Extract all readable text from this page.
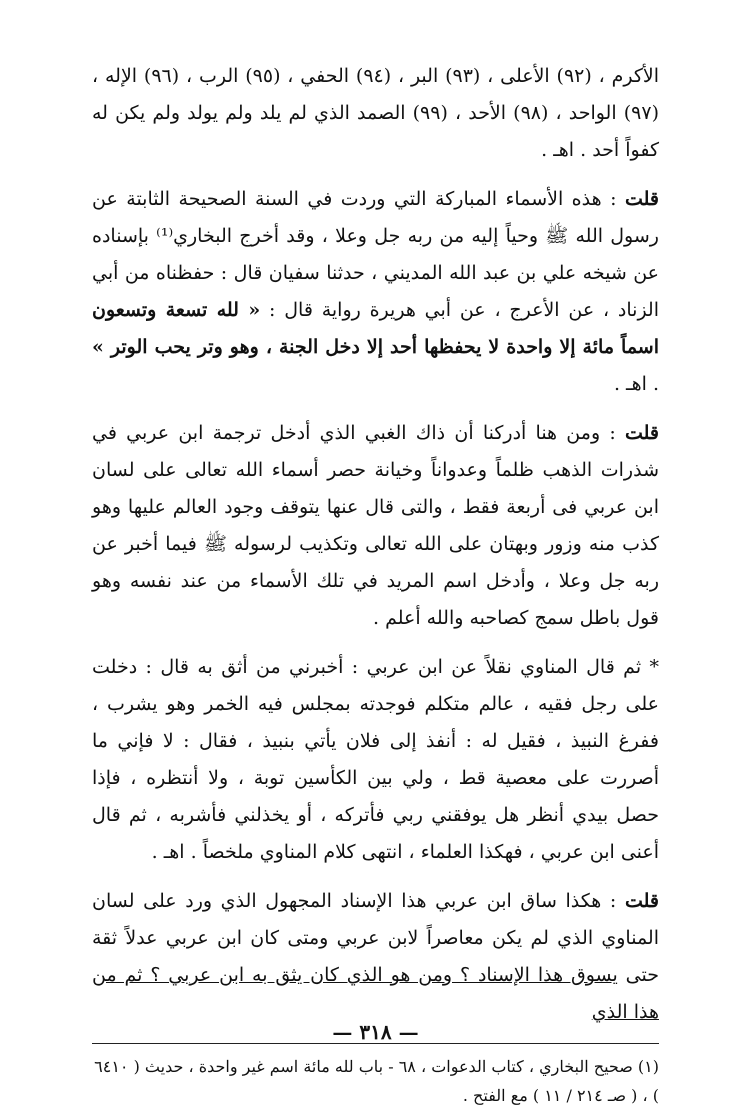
الأكرم ، (٩٢) الأعلى ، (٩٣) البر ، (٩٤) الحفي ، (٩٥) الرب ، (٩٦) الإله ، (٩٧) الواحد ، (٩٨) الأحد ، (٩٩) الصمد الذي لم يلد ولم يولد ولم يكن له كفواً أحد . اهـ .

قلت : هذه الأسماء المباركة التي وردت في السنة الصحيحة الثابتة عن رسول الله ﷺ وحياً إليه من ربه جل وعلا ، وقد أخرج البخاري⁽¹⁾ بإسناده عن شيخه علي بن عبد الله المديني ، حدثنا سفيان قال : حفظناه من أبي الزناد ، عن الأعرج ، عن أبي هريرة رواية قال : « لله تسعة وتسعون اسماً مائة إلا واحدة لا يحفظها أحد إلا دخل الجنة ، وهو وتر يحب الوتر » . اهـ .

قلت : ومن هنا أدركنا أن ذاك الغبي الذي أدخل ترجمة ابن عربي في شذرات الذهب ظلماً وعدواناً وخيانة حصر أسماء الله تعالى على لسان ابن عربي فى أربعة فقط ، والتى قال عنها يتوقف وجود العالم عليها وهو كذب منه وزور وبهتان على الله تعالى وتكذيب لرسوله ﷺ فيما أخبر عن ربه جل وعلا ، وأدخل اسم المريد في تلك الأسماء من عند نفسه وهو قول باطل سمج كصاحبه والله أعلم .

* ثم قال المناوي نقلاً عن ابن عربي : أخبرني من أثق به قال : دخلت على رجل فقيه ، عالم متكلم فوجدته بمجلس فيه الخمر وهو يشرب ، ففرغ النبيذ ، فقيل له : أنفذ إلى فلان يأتي بنبيذ ، فقال : لا فإني ما أصررت على معصية قط ، ولي بين الكأسين توبة ، ولا أنتظره ، فإذا حصل بيدي أنظر هل يوفقني ربي فأتركه ، أو يخذلني فأشربه ، ثم قال أعنى ابن عربي ، فهكذا العلماء ، انتهى كلام المناوي ملخصاً . اهـ .

قلت : هكذا ساق ابن عربي هذا الإسناد المجهول الذي ورد على لسان المناوي الذي لم يكن معاصراً لابن عربي ومتى كان ابن عربي عدلاً ثقة حتى يسوق هذا الإسناد ؟ ومن هو الذي كان يثق به ابن عربي ؟ ثم من هذا الذي

(١) صحيح البخاري ، كتاب الدعوات ، ٦٨ - باب لله مائة اسم غير واحدة ، حديث ( ٦٤١٠ ) ، ( صـ ٢١٤ / ١١ ) مع الفتح .
— ٣١٨ —
